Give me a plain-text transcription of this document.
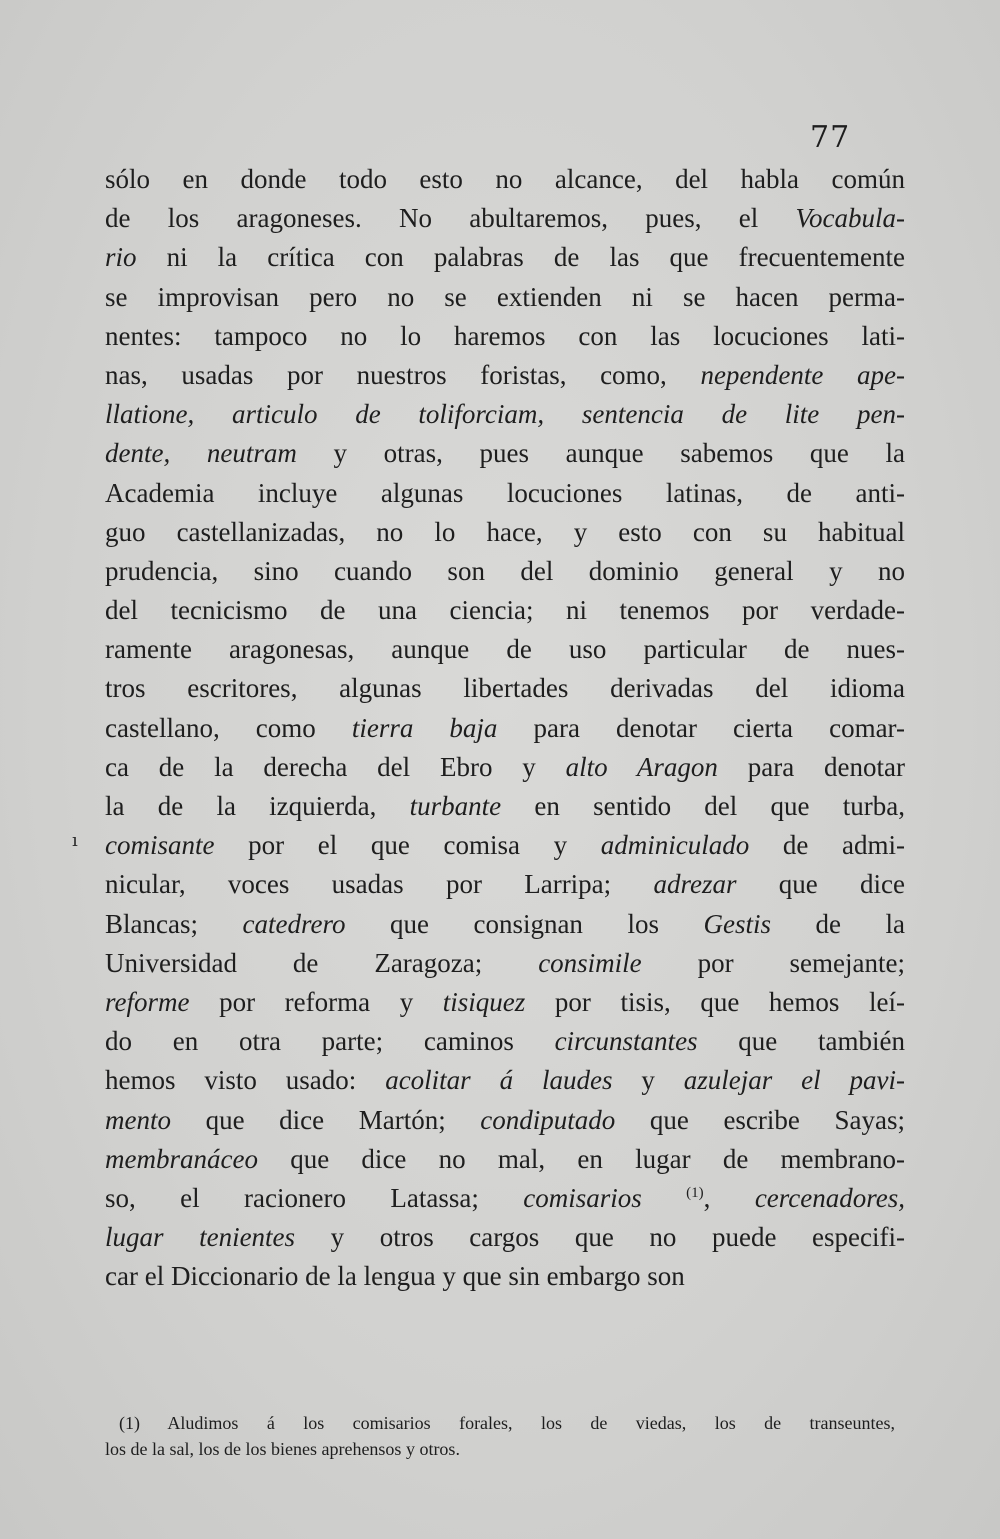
77
ı
sólo en donde todo esto no alcance, del habla común
de los aragoneses. No abultaremos, pues, el Vocabula-
rio ni la crítica con palabras de las que frecuentemente
se improvisan pero no se extienden ni se hacen perma-
nentes: tampoco no lo haremos con las locuciones lati-
nas, usadas por nuestros foristas, como, nependente ape-
llatione, articulo de toliforciam, sentencia de lite pen-
dente, neutram y otras, pues aunque sabemos que la
Academia incluye algunas locuciones latinas, de anti-
guo castellanizadas, no lo hace, y esto con su habitual
prudencia, sino cuando son del dominio general y no
del tecnicismo de una ciencia; ni tenemos por verdade-
ramente aragonesas, aunque de uso particular de nues-
tros escritores, algunas libertades derivadas del idioma
castellano, como tierra baja para denotar cierta comar-
ca de la derecha del Ebro y alto Aragon para denotar
la de la izquierda, turbante en sentido del que turba,
comisante por el que comisa y adminiculado de admi-
nicular, voces usadas por Larripa; adrezar que dice
Blancas; catedrero que consignan los Gestis de la
Universidad de Zaragoza; consimile por semejante;
reforme por reforma y tisiquez por tisis, que hemos leí-
do en otra parte; caminos circunstantes que también
hemos visto usado: acolitar á laudes y azulejar el pavi-
mento que dice Martón; condiputado que escribe Sayas;
membranáceo que dice no mal, en lugar de membrano-
so, el racionero Latassa; comisarios	$^{(1)}$, cercenadores,
lugar tenientes y otros cargos que no puede especifi-
car el Diccionario de la lengua y que sin embargo son
(1) Aludimos á los comisarios forales, los de viedas, los de transeuntes,
los de la sal, los de los bienes aprehensos y otros.
